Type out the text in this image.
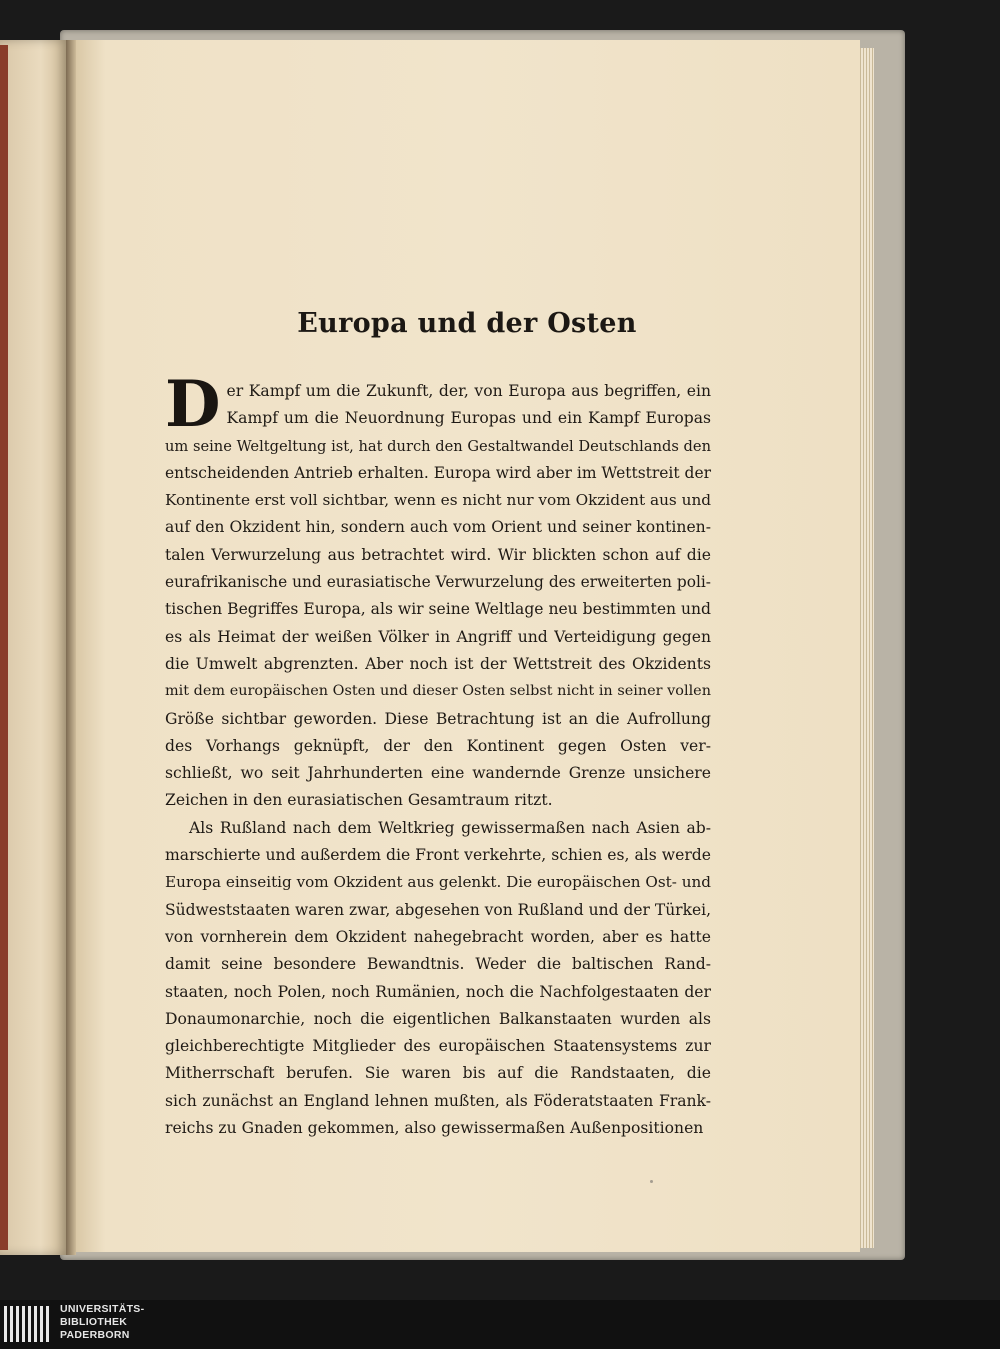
Europa und der Osten

D er Kampf um die Zukunft, der, von Europa aus begriffen, ein
Kampf um die Neuordnung Europas und ein Kampf Europas
um seine Weltgeltung ist, hat durch den Gestaltwandel Deutschlands den
entscheidenden Antrieb erhalten. Europa wird aber im Wettstreit der
Kontinente erst voll sichtbar, wenn es nicht nur vom Okzident aus und
auf den Okzident hin, sondern auch vom Orient und seiner kontinen-
talen Verwurzelung aus betrachtet wird. Wir blickten schon auf die
eurafrikanische und eurasiatische Verwurzelung des erweiterten poli-
tischen Begriffes Europa, als wir seine Weltlage neu bestimmten und
es als Heimat der weißen Völker in Angriff und Verteidigung gegen
die Umwelt abgrenzten. Aber noch ist der Wettstreit des Okzidents
mit dem europäischen Osten und dieser Osten selbst nicht in seiner vollen
Größe sichtbar geworden. Diese Betrachtung ist an die Aufrollung
des Vorhangs geknüpft, der den Kontinent gegen Osten ver-
schließt, wo seit Jahrhunderten eine wandernde Grenze unsichere
Zeichen in den eurasiatischen Gesamtraum ritzt.

Als Rußland nach dem Weltkrieg gewissermaßen nach Asien ab-
marschierte und außerdem die Front verkehrte, schien es, als werde
Europa einseitig vom Okzident aus gelenkt. Die europäischen Ost- und
Südweststaaten waren zwar, abgesehen von Rußland und der Türkei,
von vornherein dem Okzident nahegebracht worden, aber es hatte
damit seine besondere Bewandtnis. Weder die baltischen Rand-
staaten, noch Polen, noch Rumänien, noch die Nachfolgestaaten der
Donaumonarchie, noch die eigentlichen Balkanstaaten wurden als
gleichberechtigte Mitglieder des europäischen Staatensystems zur
Mitherrschaft berufen. Sie waren bis auf die Randstaaten, die
sich zunächst an England lehnen mußten, als Föderatstaaten Frank-
reichs zu Gnaden gekommen, also gewissermaßen Außenpositionen

UNIVERSITÄTS-
BIBLIOTHEK
PADERBORN
